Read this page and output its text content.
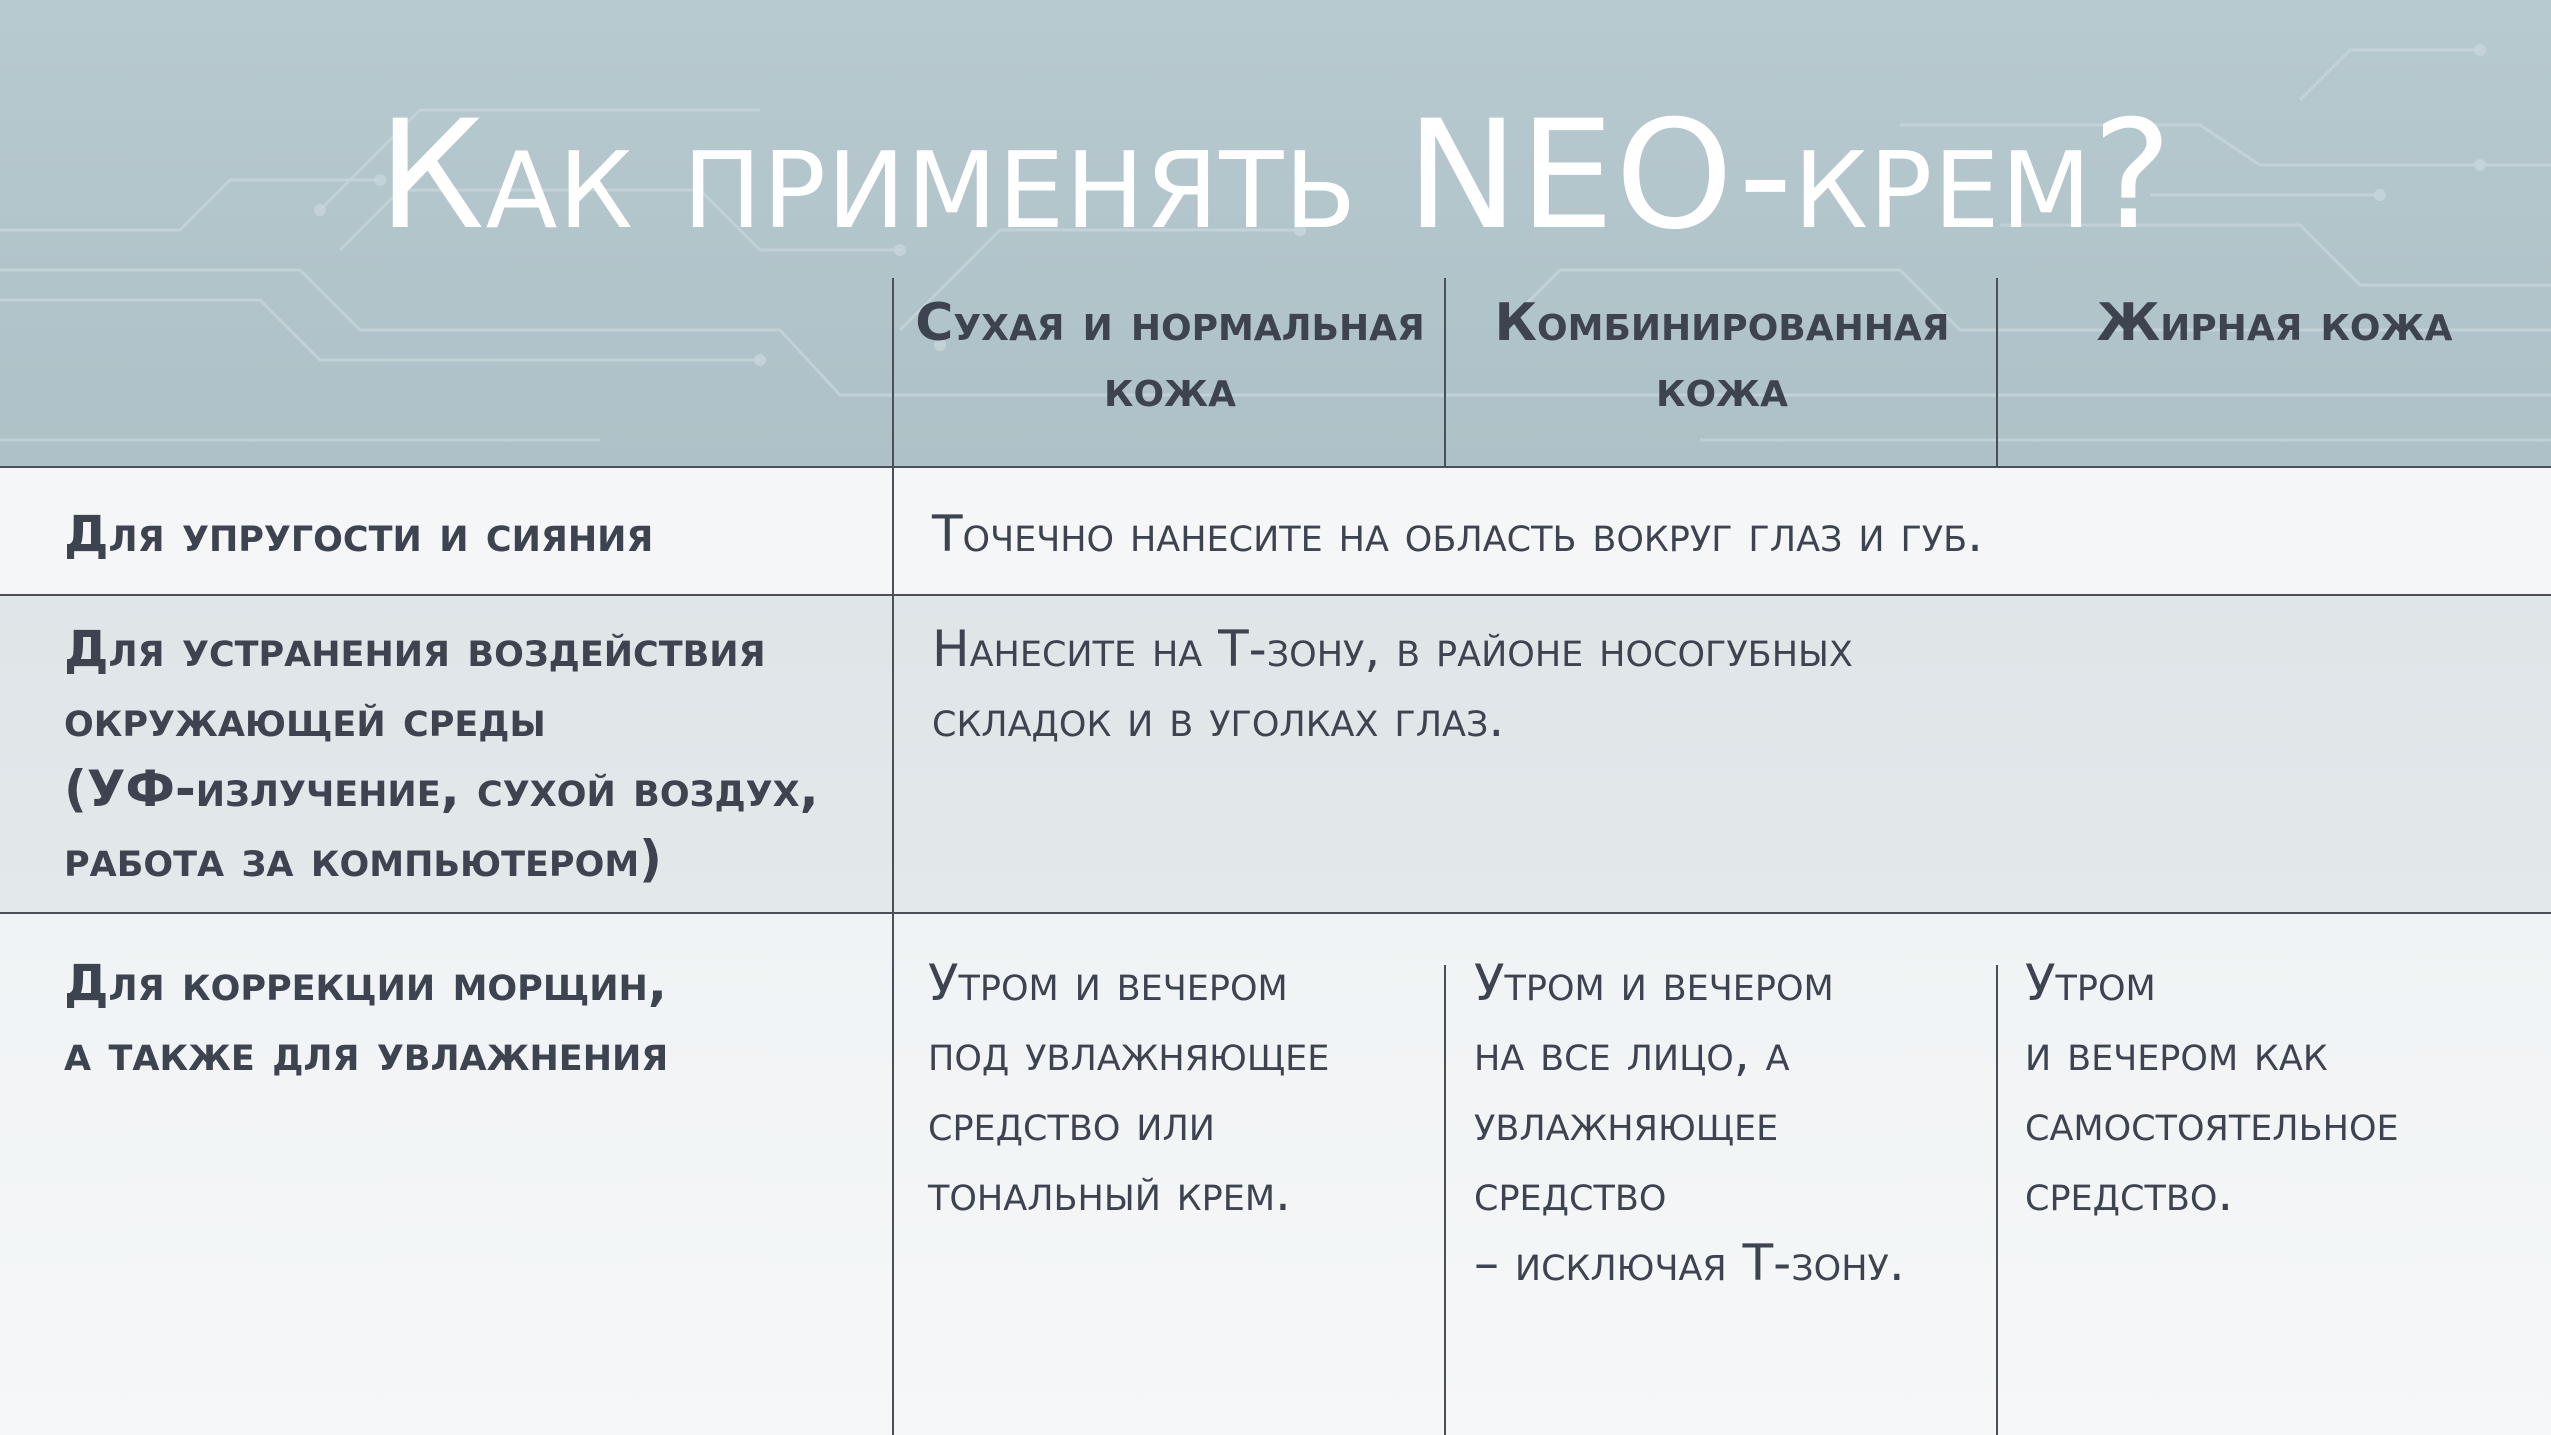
Как применять NEO-крем?
Сухая и нормальная кожа
Комбинированная кожа
Жирная кожа
Для упругости и сияния	Точечно нанесите на область вокруг глаз и губ.
Для устранения воздействия
окружающей среды
(УФ-излучение, сухой воздух,
работа за компьютером)
Нанесите на Т-зону, в районе носогубных
складок и в уголках глаз.
Для коррекции морщин,
а также для увлажнения
Утром и вечером
под увлажняющее
средство или
тональный крем.
Утром и вечером
на все лицо, а
увлажняющее
средство
– исключая Т-зону.
Утром
и вечером как
самостоятельное
средство.
